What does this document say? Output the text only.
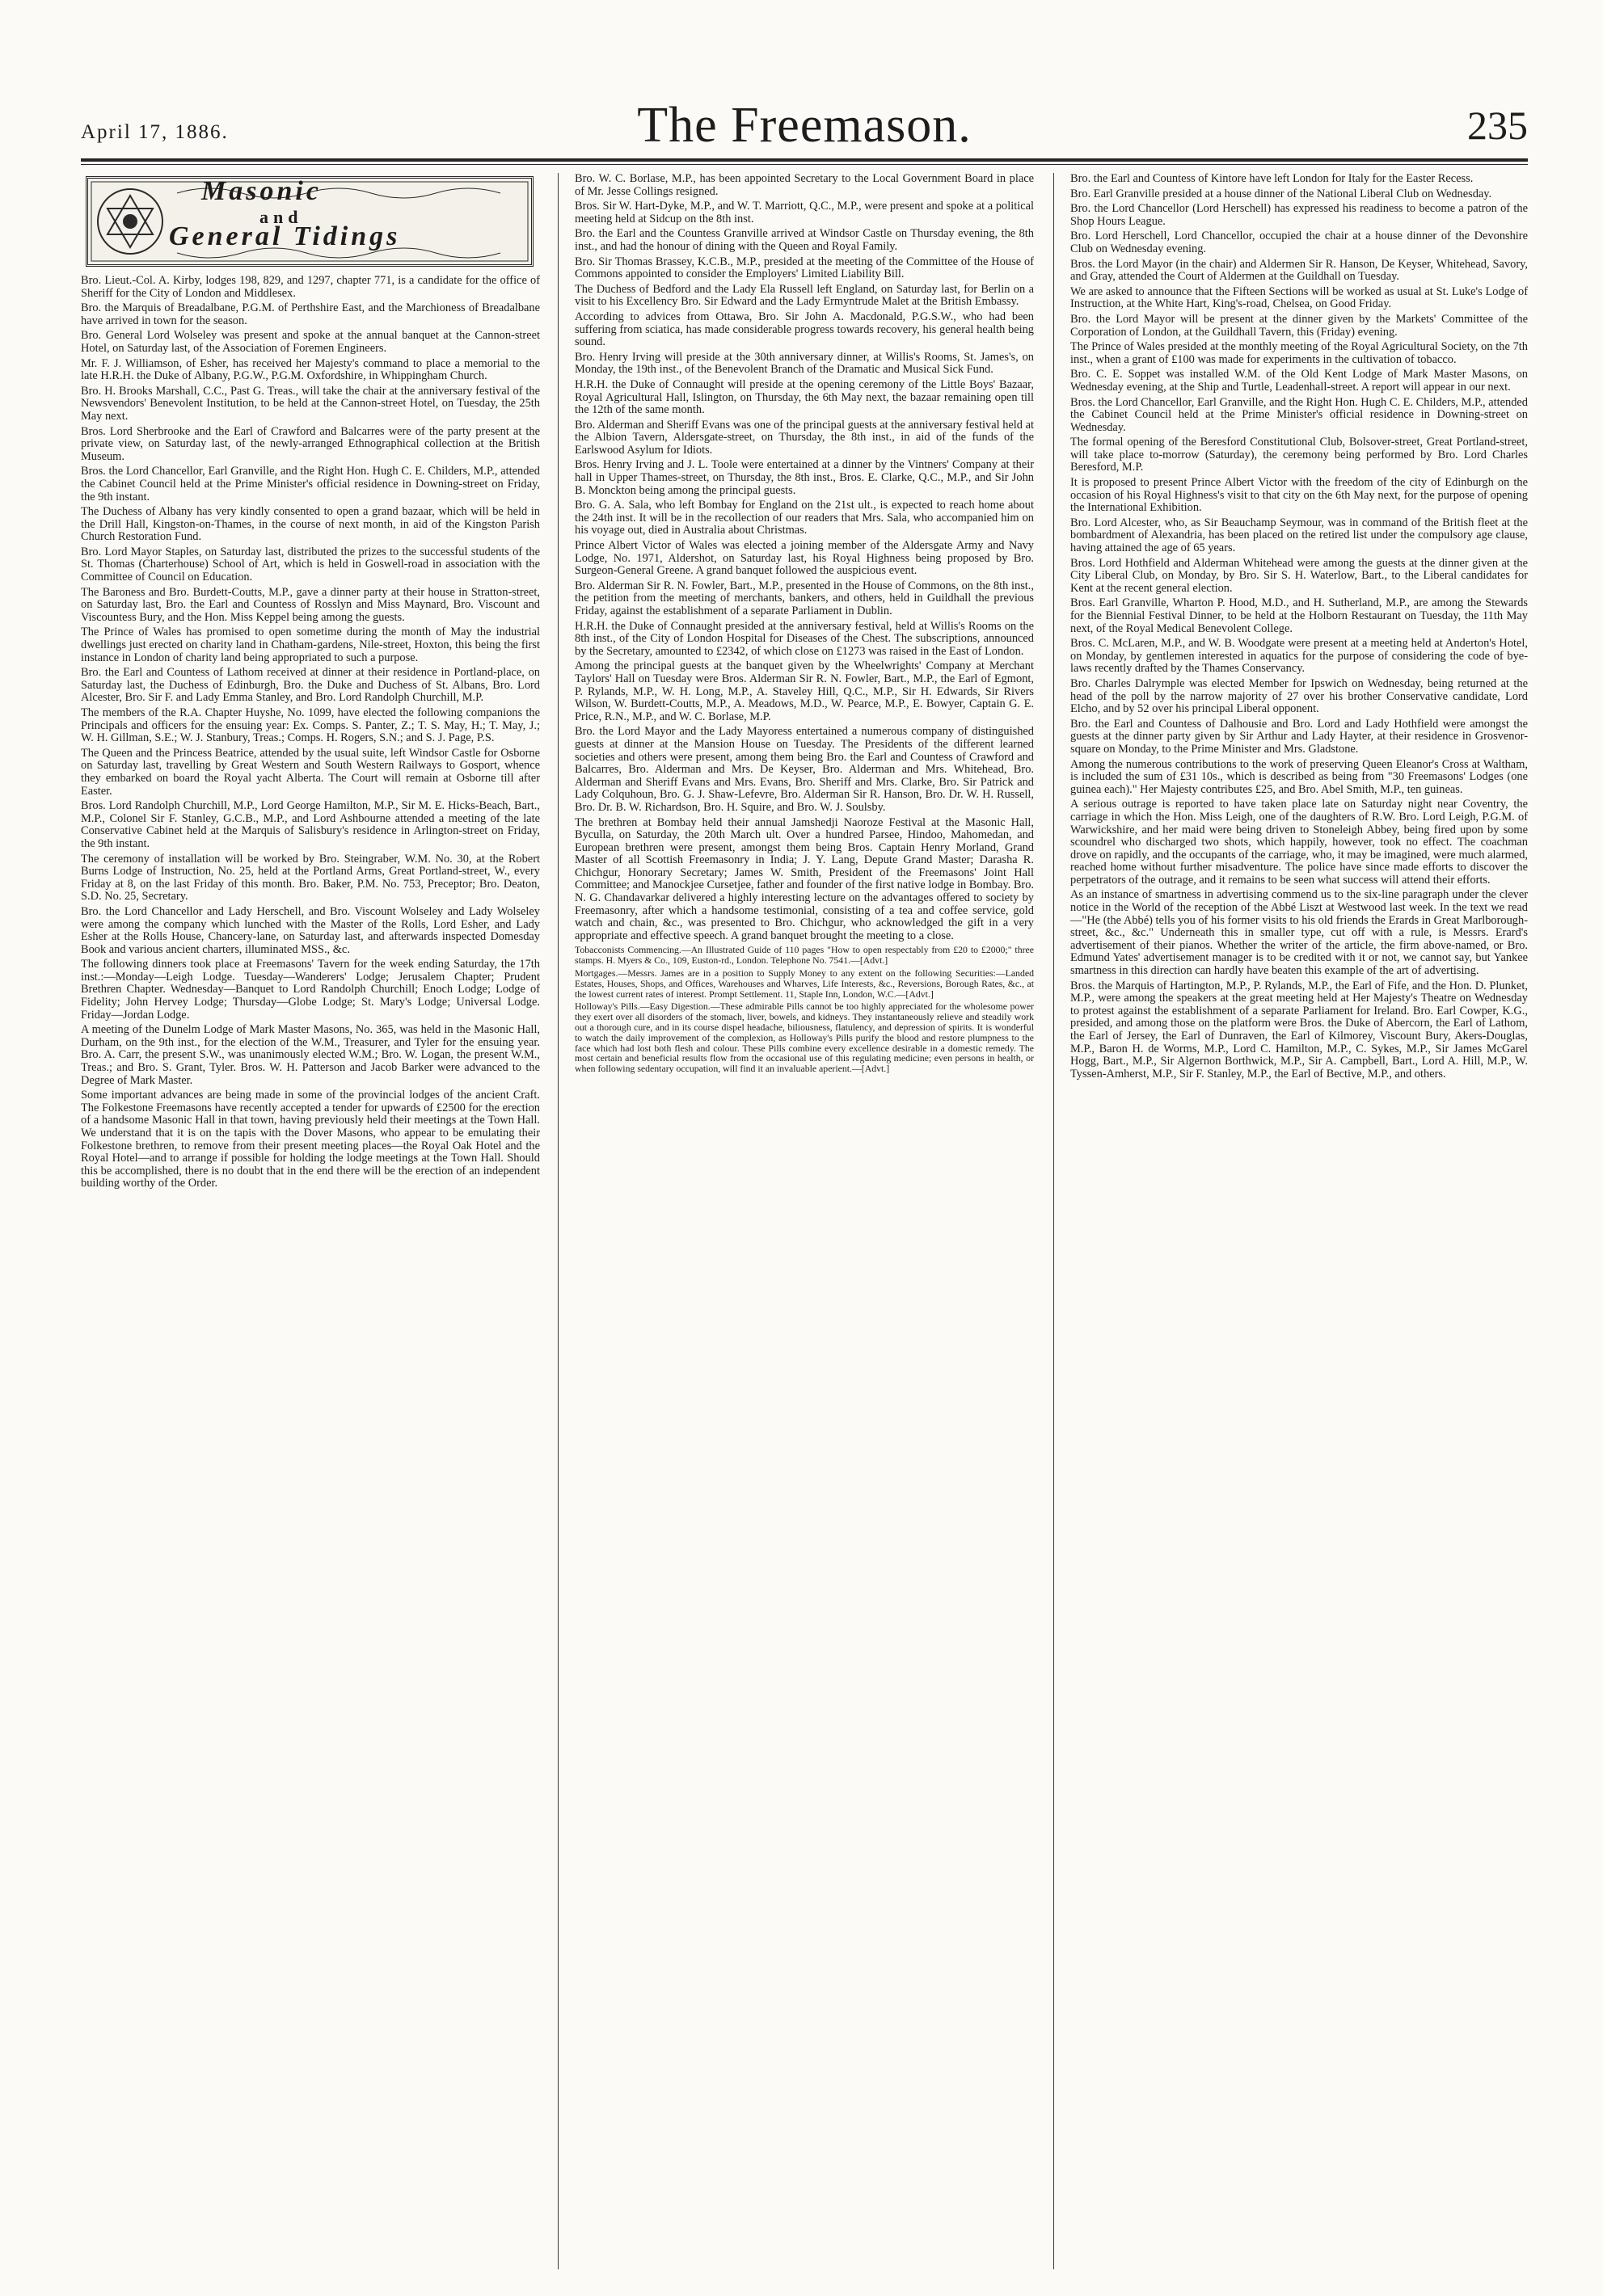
April 17, 1886.	The Freemason.	235
Masonic
and
General Tidings

Bro. Lieut.-Col. A. Kirby, lodges 198, 829, and 1297, chapter 771, is a candidate for the office of Sheriff for the City of London and Middlesex.

Bro. the Marquis of Breadalbane, P.G.M. of Perthshire East, and the Marchioness of Breadalbane have arrived in town for the season.

Bro. General Lord Wolseley was present and spoke at the annual banquet at the Cannon-street Hotel, on Saturday last, of the Association of Foremen Engineers.

Mr. F. J. Williamson, of Esher, has received her Majesty's command to place a memorial to the late H.R.H. the Duke of Albany, P.G.W., P.G.M. Oxfordshire, in Whippingham Church.

Bro. H. Brooks Marshall, C.C., Past G. Treas., will take the chair at the anniversary festival of the Newsvendors' Benevolent Institution, to be held at the Cannon-street Hotel, on Tuesday, the 25th May next.

Bros. Lord Sherbrooke and the Earl of Crawford and Balcarres were of the party present at the private view, on Saturday last, of the newly-arranged Ethnographical collection at the British Museum.

Bros. the Lord Chancellor, Earl Granville, and the Right Hon. Hugh C. E. Childers, M.P., attended the Cabinet Council held at the Prime Minister's official residence in Downing-street on Friday, the 9th instant.

The Duchess of Albany has very kindly consented to open a grand bazaar, which will be held in the Drill Hall, Kingston-on-Thames, in the course of next month, in aid of the Kingston Parish Church Restoration Fund.

Bro. Lord Mayor Staples, on Saturday last, distributed the prizes to the successful students of the St. Thomas (Charterhouse) School of Art, which is held in Goswell-road in association with the Committee of Council on Education.

The Baroness and Bro. Burdett-Coutts, M.P., gave a dinner party at their house in Stratton-street, on Saturday last, Bro. the Earl and Countess of Rosslyn and Miss Maynard, Bro. Viscount and Viscountess Bury, and the Hon. Miss Keppel being among the guests.

The Prince of Wales has promised to open sometime during the month of May the industrial dwellings just erected on charity land in Chatham-gardens, Nile-street, Hoxton, this being the first instance in London of charity land being appropriated to such a purpose.

Bro. the Earl and Countess of Lathom received at dinner at their residence in Portland-place, on Saturday last, the Duchess of Edinburgh, Bro. the Duke and Duchess of St. Albans, Bro. Lord Alcester, Bro. Sir F. and Lady Emma Stanley, and Bro. Lord Randolph Churchill, M.P.

The members of the R.A. Chapter Huyshe, No. 1099, have elected the following companions the Principals and officers for the ensuing year: Ex. Comps. S. Panter, Z.; T. S. May, H.; T. May, J.; W. H. Gillman, S.E.; W. J. Stanbury, Treas.; Comps. H. Rogers, S.N.; and S. J. Page, P.S.

The Queen and the Princess Beatrice, attended by the usual suite, left Windsor Castle for Osborne on Saturday last, travelling by Great Western and South Western Railways to Gosport, whence they embarked on board the Royal yacht Alberta. The Court will remain at Osborne till after Easter.

Bros. Lord Randolph Churchill, M.P., Lord George Hamilton, M.P., Sir M. E. Hicks-Beach, Bart., M.P., Colonel Sir F. Stanley, G.C.B., M.P., and Lord Ashbourne attended a meeting of the late Conservative Cabinet held at the Marquis of Salisbury's residence in Arlington-street on Friday, the 9th instant.

The ceremony of installation will be worked by Bro. Steingraber, W.M. No. 30, at the Robert Burns Lodge of Instruction, No. 25, held at the Portland Arms, Great Portland-street, W., every Friday at 8, on the last Friday of this month. Bro. Baker, P.M. No. 753, Preceptor; Bro. Deaton, S.D. No. 25, Secretary.

Bro. the Lord Chancellor and Lady Herschell, and Bro. Viscount Wolseley and Lady Wolseley were among the company which lunched with the Master of the Rolls, Lord Esher, and Lady Esher at the Rolls House, Chancery-lane, on Saturday last, and afterwards inspected Domesday Book and various ancient charters, illuminated MSS., &c.

The following dinners took place at Freemasons' Tavern for the week ending Saturday, the 17th inst.:—Monday—Leigh Lodge. Tuesday—Wanderers' Lodge; Jerusalem Chapter; Prudent Brethren Chapter. Wednesday—Banquet to Lord Randolph Churchill; Enoch Lodge; Lodge of Fidelity; John Hervey Lodge; Thursday—Globe Lodge; St. Mary's Lodge; Universal Lodge. Friday—Jordan Lodge.

A meeting of the Dunelm Lodge of Mark Master Masons, No. 365, was held in the Masonic Hall, Durham, on the 9th inst., for the election of the W.M., Treasurer, and Tyler for the ensuing year. Bro. A. Carr, the present S.W., was unanimously elected W.M.; Bro. W. Logan, the present W.M., Treas.; and Bro. S. Grant, Tyler. Bros. W. H. Patterson and Jacob Barker were advanced to the Degree of Mark Master.

Some important advances are being made in some of the provincial lodges of the ancient Craft. The Folkestone Freemasons have recently accepted a tender for upwards of £2500 for the erection of a handsome Masonic Hall in that town, having previously held their meetings at the Town Hall. We understand that it is on the tapis with the Dover Masons, who appear to be emulating their Folkestone brethren, to remove from their present meeting places—the Royal Oak Hotel and the Royal Hotel—and to arrange if possible for holding the lodge meetings at the Town Hall. Should this be accomplished, there is no doubt that in the end there will be the erection of an independent building worthy of the Order.

Bro. W. C. Borlase, M.P., has been appointed Secretary to the Local Government Board in place of Mr. Jesse Collings resigned.

Bros. Sir W. Hart-Dyke, M.P., and W. T. Marriott, Q.C., M.P., were present and spoke at a political meeting held at Sidcup on the 8th inst.

Bro. the Earl and the Countess Granville arrived at Windsor Castle on Thursday evening, the 8th inst., and had the honour of dining with the Queen and Royal Family.

Bro. Sir Thomas Brassey, K.C.B., M.P., presided at the meeting of the Committee of the House of Commons appointed to consider the Employers' Limited Liability Bill.

The Duchess of Bedford and the Lady Ela Russell left England, on Saturday last, for Berlin on a visit to his Excellency Bro. Sir Edward and the Lady Ermyntrude Malet at the British Embassy.

According to advices from Ottawa, Bro. Sir John A. Macdonald, P.G.S.W., who had been suffering from sciatica, has made considerable progress towards recovery, his general health being sound.

Bro. Henry Irving will preside at the 30th anniversary dinner, at Willis's Rooms, St. James's, on Monday, the 19th inst., of the Benevolent Branch of the Dramatic and Musical Sick Fund.

H.R.H. the Duke of Connaught will preside at the opening ceremony of the Little Boys' Bazaar, Royal Agricultural Hall, Islington, on Thursday, the 6th May next, the bazaar remaining open till the 12th of the same month.

Bro. Alderman and Sheriff Evans was one of the principal guests at the anniversary festival held at the Albion Tavern, Aldersgate-street, on Thursday, the 8th inst., in aid of the funds of the Earlswood Asylum for Idiots.

Bros. Henry Irving and J. L. Toole were entertained at a dinner by the Vintners' Company at their hall in Upper Thames-street, on Thursday, the 8th inst., Bros. E. Clarke, Q.C., M.P., and Sir John B. Monckton being among the principal guests.

Bro. G. A. Sala, who left Bombay for England on the 21st ult., is expected to reach home about the 24th inst. It will be in the recollection of our readers that Mrs. Sala, who accompanied him on his voyage out, died in Australia about Christmas.

Prince Albert Victor of Wales was elected a joining member of the Aldersgate Army and Navy Lodge, No. 1971, Aldershot, on Saturday last, his Royal Highness being proposed by Bro. Surgeon-General Greene. A grand banquet followed the auspicious event.

Bro. Alderman Sir R. N. Fowler, Bart., M.P., presented in the House of Commons, on the 8th inst., the petition from the meeting of merchants, bankers, and others, held in Guildhall the previous Friday, against the establishment of a separate Parliament in Dublin.

H.R.H. the Duke of Connaught presided at the anniversary festival, held at Willis's Rooms on the 8th inst., of the City of London Hospital for Diseases of the Chest. The subscriptions, announced by the Secretary, amounted to £2342, of which close on £1273 was raised in the East of London.

Among the principal guests at the banquet given by the Wheelwrights' Company at Merchant Taylors' Hall on Tuesday were Bros. Alderman Sir R. N. Fowler, Bart., M.P., the Earl of Egmont, P. Rylands, M.P., W. H. Long, M.P., A. Staveley Hill, Q.C., M.P., Sir H. Edwards, Sir Rivers Wilson, W. Burdett-Coutts, M.P., A. Meadows, M.D., W. Pearce, M.P., E. Bowyer, Captain G. E. Price, R.N., M.P., and W. C. Borlase, M.P.

Bro. the Lord Mayor and the Lady Mayoress entertained a numerous company of distinguished guests at dinner at the Mansion House on Tuesday. The Presidents of the different learned societies and others were present, among them being Bro. the Earl and Countess of Crawford and Balcarres, Bro. Alderman and Mrs. De Keyser, Bro. Alderman and Mrs. Whitehead, Bro. Alderman and Sheriff Evans and Mrs. Evans, Bro. Sheriff and Mrs. Clarke, Bro. Sir Patrick and Lady Colquhoun, Bro. G. J. Shaw-Lefevre, Bro. Alderman Sir R. Hanson, Bro. Dr. W. H. Russell, Bro. Dr. B. W. Richardson, Bro. H. Squire, and Bro. W. J. Soulsby.

The brethren at Bombay held their annual Jamshedji Naoroze Festival at the Masonic Hall, Byculla, on Saturday, the 20th March ult. Over a hundred Parsee, Hindoo, Mahomedan, and European brethren were present, amongst them being Bros. Captain Henry Morland, Grand Master of all Scottish Freemasonry in India; J. Y. Lang, Depute Grand Master; Darasha R. Chichgur, Honorary Secretary; James W. Smith, President of the Freemasons' Joint Hall Committee; and Manockjee Cursetjee, father and founder of the first native lodge in Bombay. Bro. N. G. Chandavarkar delivered a highly interesting lecture on the advantages offered to society by Freemasonry, after which a handsome testimonial, consisting of a tea and coffee service, gold watch and chain, &c., was presented to Bro. Chichgur, who acknowledged the gift in a very appropriate and effective speech. A grand banquet brought the meeting to a close.

Tobacconists Commencing.—An Illustrated Guide of 110 pages "How to open respectably from £20 to £2000;" three stamps. H. Myers & Co., 109, Euston-rd., London. Telephone No. 7541.—[Advt.]

Mortgages.—Messrs. James are in a position to Supply Money to any extent on the following Securities:—Landed Estates, Houses, Shops, and Offices, Warehouses and Wharves, Life Interests, &c., Reversions, Borough Rates, &c., at the lowest current rates of interest. Prompt Settlement. 11, Staple Inn, London, W.C.—[Advt.]

Holloway's Pills.—Easy Digestion.—These admirable Pills cannot be too highly appreciated for the wholesome power they exert over all disorders of the stomach, liver, bowels, and kidneys. They instantaneously relieve and steadily work out a thorough cure, and in its course dispel headache, biliousness, flatulency, and depression of spirits. It is wonderful to watch the daily improvement of the complexion, as Holloway's Pills purify the blood and restore plumpness to the face which had lost both flesh and colour. These Pills combine every excellence desirable in a domestic remedy. The most certain and beneficial results flow from the occasional use of this regulating medicine; even persons in health, or when following sedentary occupation, will find it an invaluable aperient.—[Advt.]

Bro. the Earl and Countess of Kintore have left London for Italy for the Easter Recess.

Bro. Earl Granville presided at a house dinner of the National Liberal Club on Wednesday.

Bro. the Lord Chancellor (Lord Herschell) has expressed his readiness to become a patron of the Shop Hours League.

Bro. Lord Herschell, Lord Chancellor, occupied the chair at a house dinner of the Devonshire Club on Wednesday evening.

Bros. the Lord Mayor (in the chair) and Aldermen Sir R. Hanson, De Keyser, Whitehead, Savory, and Gray, attended the Court of Aldermen at the Guildhall on Tuesday.

We are asked to announce that the Fifteen Sections will be worked as usual at St. Luke's Lodge of Instruction, at the White Hart, King's-road, Chelsea, on Good Friday.

Bro. the Lord Mayor will be present at the dinner given by the Markets' Committee of the Corporation of London, at the Guildhall Tavern, this (Friday) evening.

The Prince of Wales presided at the monthly meeting of the Royal Agricultural Society, on the 7th inst., when a grant of £100 was made for experiments in the cultivation of tobacco.

Bro. C. E. Soppet was installed W.M. of the Old Kent Lodge of Mark Master Masons, on Wednesday evening, at the Ship and Turtle, Leadenhall-street. A report will appear in our next.

Bros. the Lord Chancellor, Earl Granville, and the Right Hon. Hugh C. E. Childers, M.P., attended the Cabinet Council held at the Prime Minister's official residence in Downing-street on Wednesday.

The formal opening of the Beresford Constitutional Club, Bolsover-street, Great Portland-street, will take place to-morrow (Saturday), the ceremony being performed by Bro. Lord Charles Beresford, M.P.

It is proposed to present Prince Albert Victor with the freedom of the city of Edinburgh on the occasion of his Royal Highness's visit to that city on the 6th May next, for the purpose of opening the International Exhibition.

Bro. Lord Alcester, who, as Sir Beauchamp Seymour, was in command of the British fleet at the bombardment of Alexandria, has been placed on the retired list under the compulsory age clause, having attained the age of 65 years.

Bros. Lord Hothfield and Alderman Whitehead were among the guests at the dinner given at the City Liberal Club, on Monday, by Bro. Sir S. H. Waterlow, Bart., to the Liberal candidates for Kent at the recent general election.

Bros. Earl Granville, Wharton P. Hood, M.D., and H. Sutherland, M.P., are among the Stewards for the Biennial Festival Dinner, to be held at the Holborn Restaurant on Tuesday, the 11th May next, of the Royal Medical Benevolent College.

Bros. C. McLaren, M.P., and W. B. Woodgate were present at a meeting held at Anderton's Hotel, on Monday, by gentlemen interested in aquatics for the purpose of considering the code of bye-laws recently drafted by the Thames Conservancy.

Bro. Charles Dalrymple was elected Member for Ipswich on Wednesday, being returned at the head of the poll by the narrow majority of 27 over his brother Conservative candidate, Lord Elcho, and by 52 over his principal Liberal opponent.

Bro. the Earl and Countess of Dalhousie and Bro. Lord and Lady Hothfield were amongst the guests at the dinner party given by Sir Arthur and Lady Hayter, at their residence in Grosvenor-square on Monday, to the Prime Minister and Mrs. Gladstone.

Among the numerous contributions to the work of preserving Queen Eleanor's Cross at Waltham, is included the sum of £31 10s., which is described as being from "30 Freemasons' Lodges (one guinea each)." Her Majesty contributes £25, and Bro. Abel Smith, M.P., ten guineas.

A serious outrage is reported to have taken place late on Saturday night near Coventry, the carriage in which the Hon. Miss Leigh, one of the daughters of R.W. Bro. Lord Leigh, P.G.M. of Warwickshire, and her maid were being driven to Stoneleigh Abbey, being fired upon by some scoundrel who discharged two shots, which happily, however, took no effect. The coachman drove on rapidly, and the occupants of the carriage, who, it may be imagined, were much alarmed, reached home without further misadventure. The police have since made efforts to discover the perpetrators of the outrage, and it remains to be seen what success will attend their efforts.

As an instance of smartness in advertising commend us to the six-line paragraph under the clever notice in the World of the reception of the Abbé Liszt at Westwood last week. In the text we read—"He (the Abbé) tells you of his former visits to his old friends the Erards in Great Marlborough-street, &c., &c." Underneath this in smaller type, cut off with a rule, is Messrs. Erard's advertisement of their pianos. Whether the writer of the article, the firm above-named, or Bro. Edmund Yates' advertisement manager is to be credited with it or not, we cannot say, but Yankee smartness in this direction can hardly have beaten this example of the art of advertising.

Bros. the Marquis of Hartington, M.P., P. Rylands, M.P., the Earl of Fife, and the Hon. D. Plunket, M.P., were among the speakers at the great meeting held at Her Majesty's Theatre on Wednesday to protest against the establishment of a separate Parliament for Ireland. Bro. Earl Cowper, K.G., presided, and among those on the platform were Bros. the Duke of Abercorn, the Earl of Lathom, the Earl of Jersey, the Earl of Dunraven, the Earl of Kilmorey, Viscount Bury, Akers-Douglas, M.P., Baron H. de Worms, M.P., Lord C. Hamilton, M.P., C. Sykes, M.P., Sir James McGarel Hogg, Bart., M.P., Sir Algernon Borthwick, M.P., Sir A. Campbell, Bart., Lord A. Hill, M.P., W. Tyssen-Amherst, M.P., Sir F. Stanley, M.P., the Earl of Bective, M.P., and others.
